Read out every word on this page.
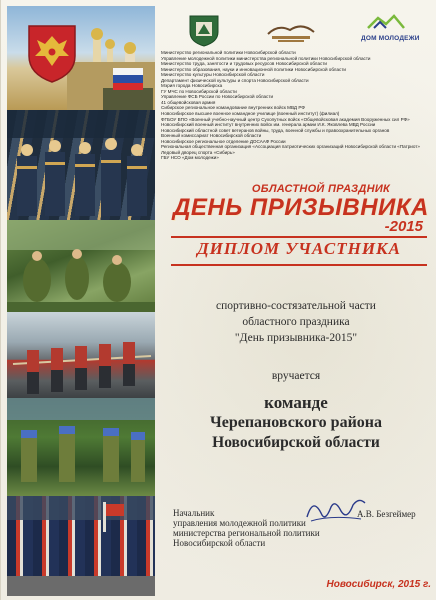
ДОМ МОЛОДЕЖИ
Министерство региональной политики Новосибирской области
Управление молодежной политики министерства региональной политики Новосибирской области
Министерство труда, занятости и трудовых ресурсов Новосибирской области
Министерство образования, науки и инновационной политики Новосибирской области
Министерство культуры Новосибирской области
Департамент физической культуры и спорта Новосибирской области
Мэрия города Новосибирска
ГУ МЧС по Новосибирской области
Управление ФСБ России по Новосибирской области
41 общевойсковая армия
Сибирское региональное командование внутренних войск МВД РФ
Новосибирское высшее военное командное училище (военный институт) (филиал)
ФГБОУ ВПО «Военный учебно-научный центр Сухопутных войск «Общевойсковая академия Вооруженных сил РФ»
Новосибирский военный институт внутренних войск им. генерала армии И.К. Яковлева МВД России
Новосибирский областной совет ветеранов войны, труда, военной службы и правоохранительных органов
Военный комиссариат Новосибирской области
Новосибирское региональное отделение ДОСААФ России
Региональная общественная организация «Ассоциация патриотических организаций Новосибирской области «Патриот»
Ледовый дворец спорта «Сибирь»
ГБУ НСО «Дом молодежи»
ОБЛАСТНОЙ ПРАЗДНИК
ДЕНЬ ПРИЗЫВНИКА
-2015
ДИПЛОМ УЧАСТНИКА
спортивно-состязательной части
областного праздника
"День призывника-2015"
вручается
команде
Черепановского района
Новосибирской области
Начальник
управления молодежной политики
министерства региональной политики
Новосибирской области
А.В. Безгеймер
Новосибирск, 2015 г.
